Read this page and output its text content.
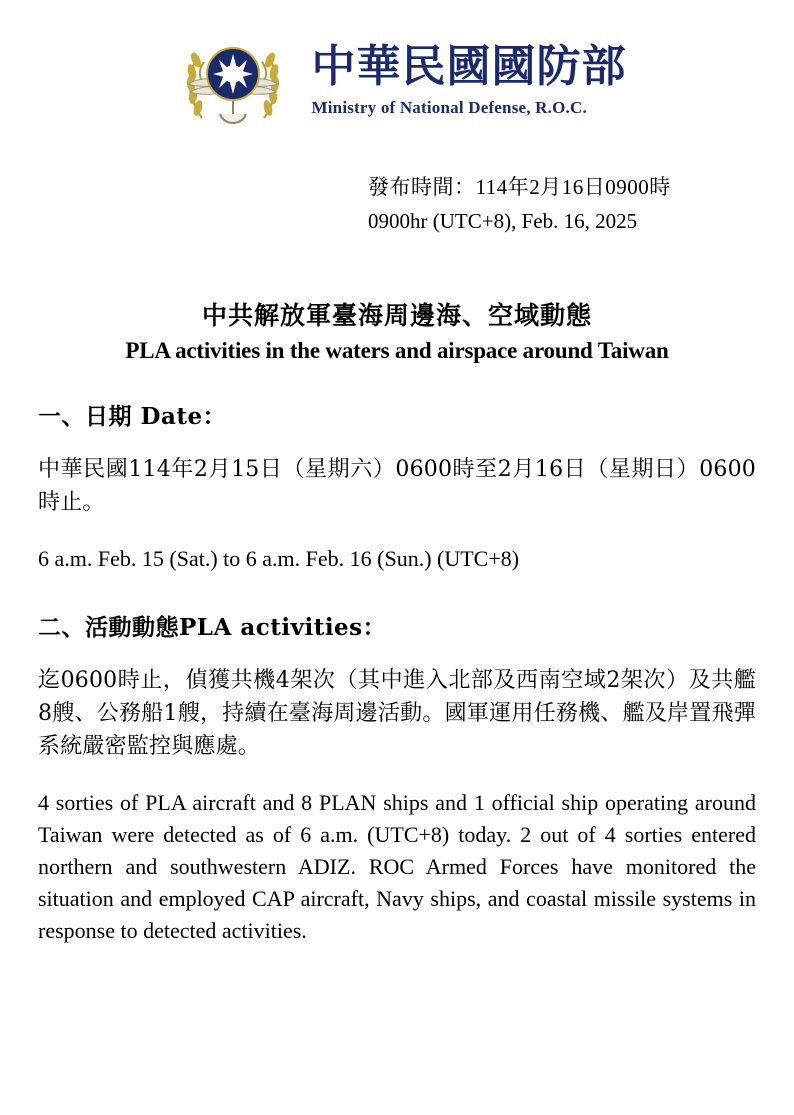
中華民國國防部
Ministry of National Defense, R.O.C.
發布時間：114年2月16日0900時
0900hr (UTC+8), Feb. 16, 2025
中共解放軍臺海周邊海、空域動態
PLA activities in the waters and airspace around Taiwan
一、日期 Date：

中華民國114年2月15日（星期六）0600時至2月16日（星期日）0600時止。

6 a.m. Feb. 15 (Sat.) to 6 a.m. Feb. 16 (Sun.) (UTC+8)

二、活動動態PLA activities：

迄0600時止，偵獲共機4架次（其中進入北部及西南空域2架次）及共艦8艘、公務船1艘，持續在臺海周邊活動。國軍運用任務機、艦及岸置飛彈系統嚴密監控與應處。

4 sorties of PLA aircraft and 8 PLAN ships and 1 official ship operating around Taiwan were detected as of 6 a.m. (UTC+8) today. 2 out of 4 sorties entered northern and southwestern ADIZ. ROC Armed Forces have monitored the situation and employed CAP aircraft, Navy ships, and coastal missile systems in response to detected activities.
